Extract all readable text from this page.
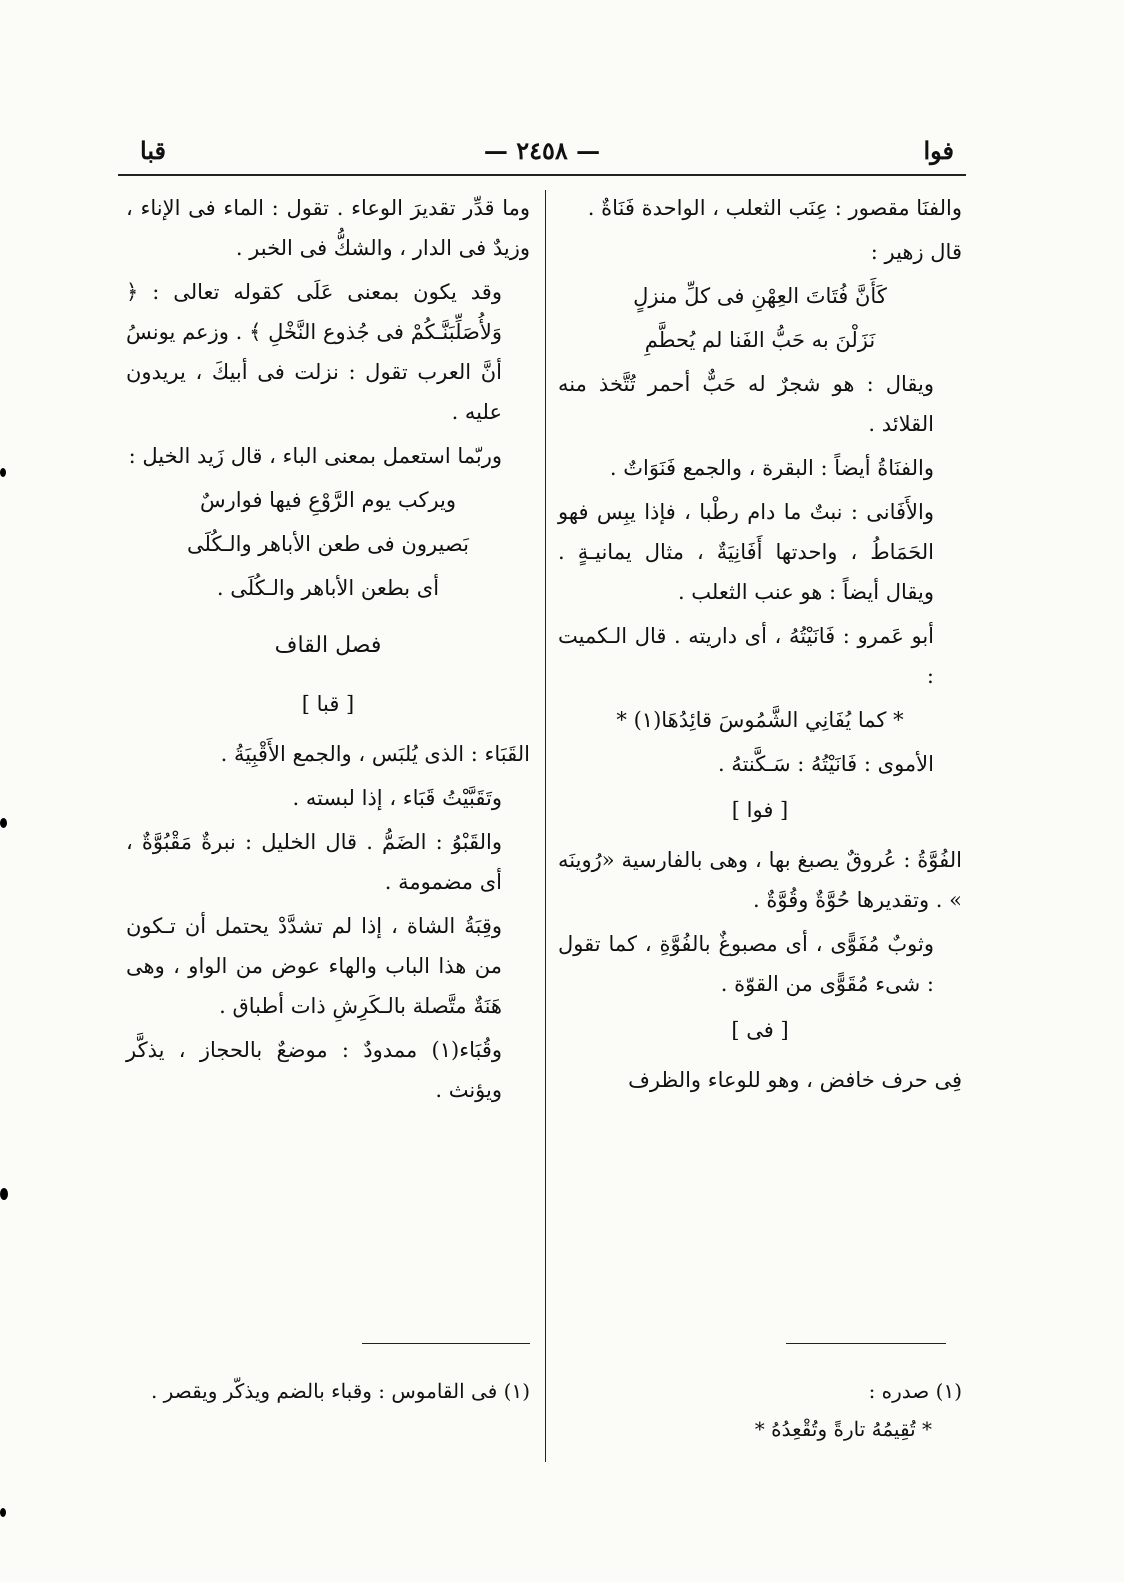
فوا
— ٢٤٥٨ —
قبا

والفنَا مقصور : عِنَب الثعلب ، الواحدة فَنَاةٌ .

قال زهير :

كَأَنَّ فُتَاتَ العِهْنِ فى كلِّ منزلٍ

نَزَلْنَ به حَبُّ الفَنا لم يُحطَّمِ

ويقال : هو شجرٌ له حَبٌّ أحمر تُتَّخذ منه القلائد .

والفنَاةُ أيضاً : البقرة ، والجمع فَنَوَاتٌ .

والأَفَانى : نبتٌ ما دام رطْبا ، فإذا يبِس فهو الحَمَاطُ ، واحدتها أَفَانِيَةٌ ، مثال يمانيـةٍ . ويقال أيضاً : هو عنب الثعلب .

أبو عَمرو : فَانَيْتُهُ ، أى داريته . قال الـكميت :

* كما يُفَانِي الشَّمُوسَ قائِدُهَا(١) *

الأموى : فَانَيْتُهُ : سَـكَّنتهُ .

[ فوا ]

الفُوَّةُ : عُروقٌ يصبغ بها ، وهى بالفارسية «رُوينَه » . وتقديرها حُوَّةٌ وقُوَّةٌ .

وثوبٌ مُفَوًّى ، أى مصبوغٌ بالفُوَّةِ ، كما تقول : شىء مُقَوًّى من القوّة .

[ فى ]

فِى حرف خافض ، وهو للوعاء والظرف

وما قدِّر تقديرَ الوعاء . تقول : الماء فى الإناء ، وزيدٌ فى الدار ، والشكُّ فى الخبر .

وقد يكون بمعنى عَلَى كقوله تعالى : ﴿ وَلأُصَلِّبَنَّـكُمْ فى جُذوع النَّخْلِ ﴾ . وزعم يونسُ أنَّ العرب تقول : نزلت فى أبيكَ ، يريدون عليه .

وربّما استعمل بمعنى الباء ، قال زَيد الخيل :

ويركب يوم الرَّوْعِ فيها فوارسٌ

بَصيرون فى طعن الأباهر والـكُلَى

أى بطعن الأباهر والـكُلَى .

فصل القاف

[ قبا ]

القَبَاء : الذى يُلبَس ، والجمع الأَقْبِيَةُ .

وتَقَبَّيْتُ قَبَاء ، إذا لبسته .

والقَبْوُ : الضَمُّ . قال الخليل : نبرةٌ مَقْبُوَّةٌ ، أى مضمومة .

وقِبَةُ الشاة ، إذا لم تشدَّدْ يحتمل أن تـكون من هذا الباب والهاء عوض من الواو ، وهى هَنَةٌ متَّصلة بالـكَرِشِ ذات أطباق .

وقُبَاء(١) ممدودٌ : موضعٌ بالحجاز ، يذكَّر ويؤنث .

(١) صدره :
* تُقِيمُهُ تارةً وتُقْعِدُهُ *
(١) فى القاموس : وقباء بالضم ويذكّر ويقصر .
